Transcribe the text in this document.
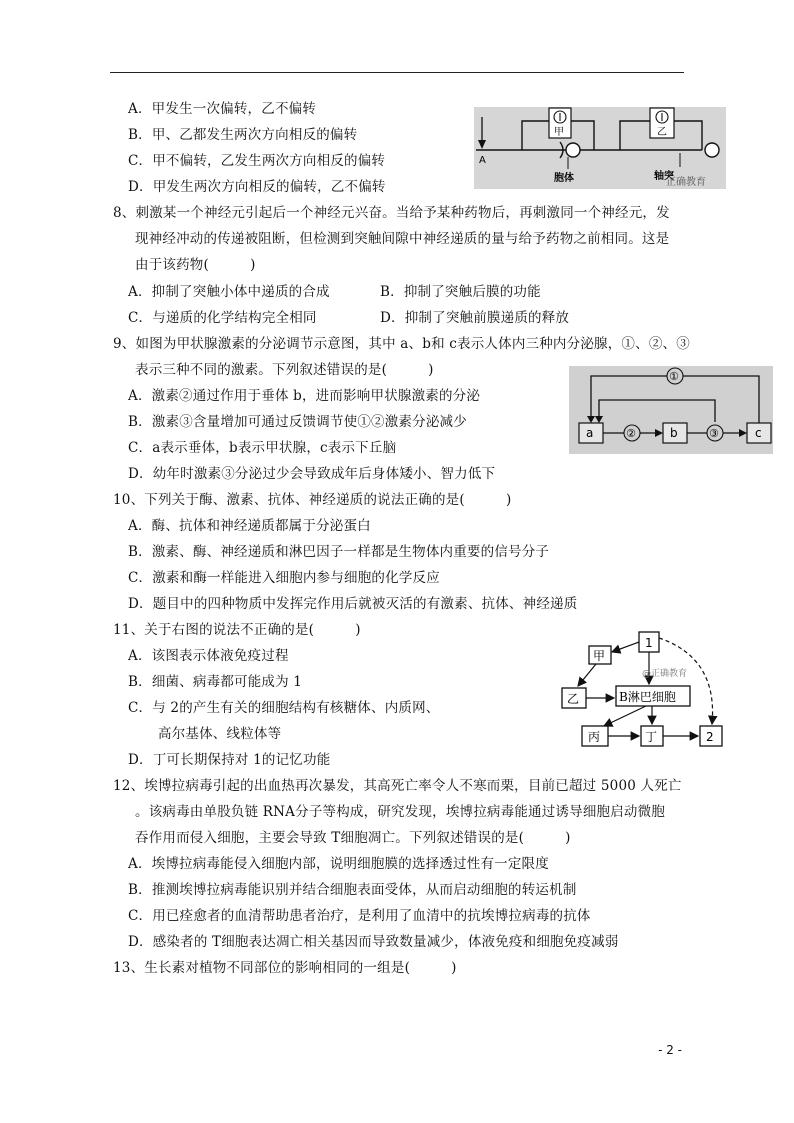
A．甲发生一次偏转，乙不偏转
B．甲、乙都发生两次方向相反的偏转
C．甲不偏转，乙发生两次方向相反的偏转
D．甲发生两次方向相反的偏转，乙不偏转
A
甲	乙
胞体	轴突
正确教育
8、刺激某一个神经元引起后一个神经元兴奋。当给予某种药物后，再刺激同一个神经元，发
现神经冲动的传递被阻断，但检测到突触间隙中神经递质的量与给予药物之前相同。这是
由于该药物(　　　)
A．抑制了突触小体中递质的合成	B．抑制了突触后膜的功能
C．与递质的化学结构完全相同	D．抑制了突触前膜递质的释放
9、如图为甲状腺激素的分泌调节示意图，其中 a、b和 c表示人体内三种内分泌腺，①、②、③
表示三种不同的激素。下列叙述错误的是(　　　)
A．激素②通过作用于垂体 b，进而影响甲状腺激素的分泌
B．激素③含量增加可通过反馈调节使①②激素分泌减少
C．a表示垂体，b表示甲状腺，c表示下丘脑
D．幼年时激素③分泌过少会导致成年后身体矮小、智力低下
①
a	b	c
②	③
10、下列关于酶、激素、抗体、神经递质的说法正确的是(　　　)
A．酶、抗体和神经递质都属于分泌蛋白
B．激素、酶、神经递质和淋巴因子一样都是生物体内重要的信号分子
C．激素和酶一样能进入细胞内参与细胞的化学反应
D．题目中的四种物质中发挥完作用后就被灭活的有激素、抗体、神经递质
11、关于右图的说法不正确的是(　　　)
A．该图表示体液免疫过程
B．细菌、病毒都可能成为 1
C．与 2的产生有关的细胞结构有核糖体、内质网、
高尔基体、线粒体等
D．丁可长期保持对 1的记忆功能
1
甲
乙	B淋巴细胞
丙	丁	2
@正确教育
12、埃博拉病毒引起的出血热再次暴发，其高死亡率令人不寒而栗，目前已超过 5000 人死亡
。该病毒由单股负链 RNA分子等构成，研究发现，埃博拉病毒能通过诱导细胞启动微胞
吞作用而侵入细胞，主要会导致 T细胞凋亡。下列叙述错误的是(　　　)
A．埃博拉病毒能侵入细胞内部，说明细胞膜的选择透过性有一定限度
B．推测埃博拉病毒能识别并结合细胞表面受体，从而启动细胞的转运机制
C．用已痊愈者的血清帮助患者治疗，是利用了血清中的抗埃博拉病毒的抗体
D．感染者的 T细胞表达凋亡相关基因而导致数量减少，体液免疫和细胞免疫减弱
13、生长素对植物不同部位的影响相同的一组是(　　　)
- 2 -
